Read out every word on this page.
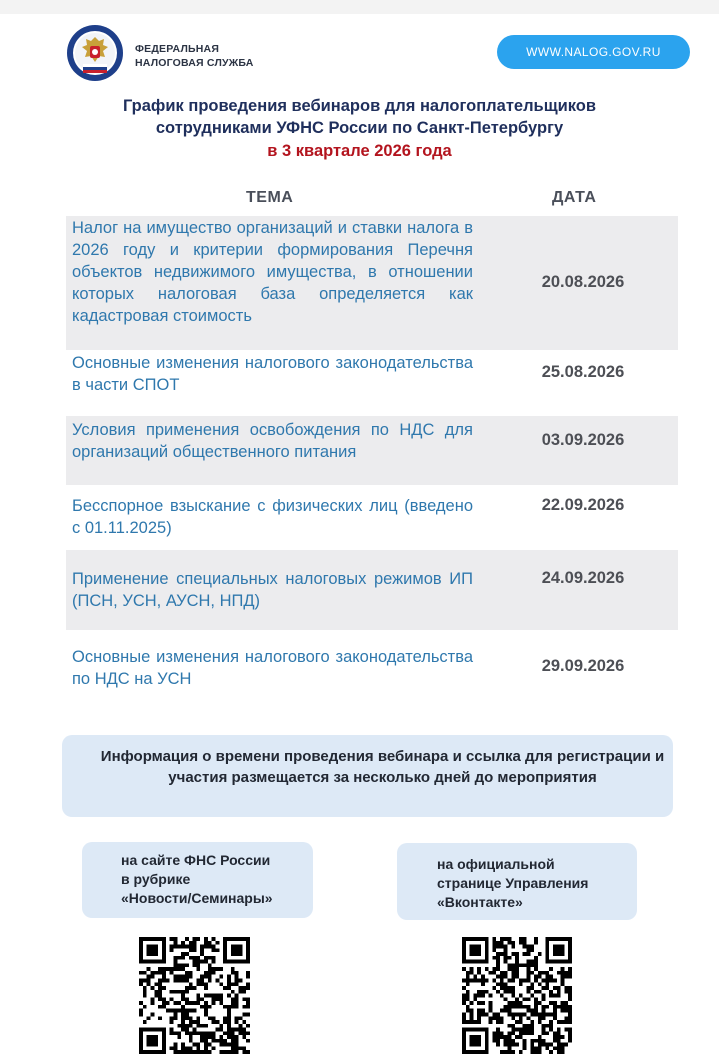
ФЕДЕРАЛЬНАЯ
НАЛОГОВАЯ СЛУЖБА
WWW.NALOG.GOV.RU
График проведения вебинаров для налогоплательщиков
сотрудниками УФНС России по Санкт-Петербургу
в 3 квартале 2026 года
ТЕМА	ДАТА
Налог на имущество организаций и ставки налога в 2026 году и критерии формирования Перечня объектов недвижимого имущества, в отношении которых налоговая база определяется как кадастровая стоимость
20.08.2026
Основные изменения налогового законодательства в части СПОТ
25.08.2026
Условия применения освобождения по НДС для организаций общественного питания
03.09.2026
Бесспорное взыскание с физических лиц (введено с 01.11.2025)
22.09.2026
Применение специальных налоговых режимов ИП (ПСН, УСН, АУСН, НПД)
24.09.2026
Основные изменения налогового законодательства по НДС на УСН
29.09.2026
Информация о времени проведения вебинара и ссылка для регистрации и участия размещается за несколько дней до мероприятия
на сайте ФНС России
в рубрике
«Новости/Семинары»
на официальной
странице Управления
«Вконтакте»
